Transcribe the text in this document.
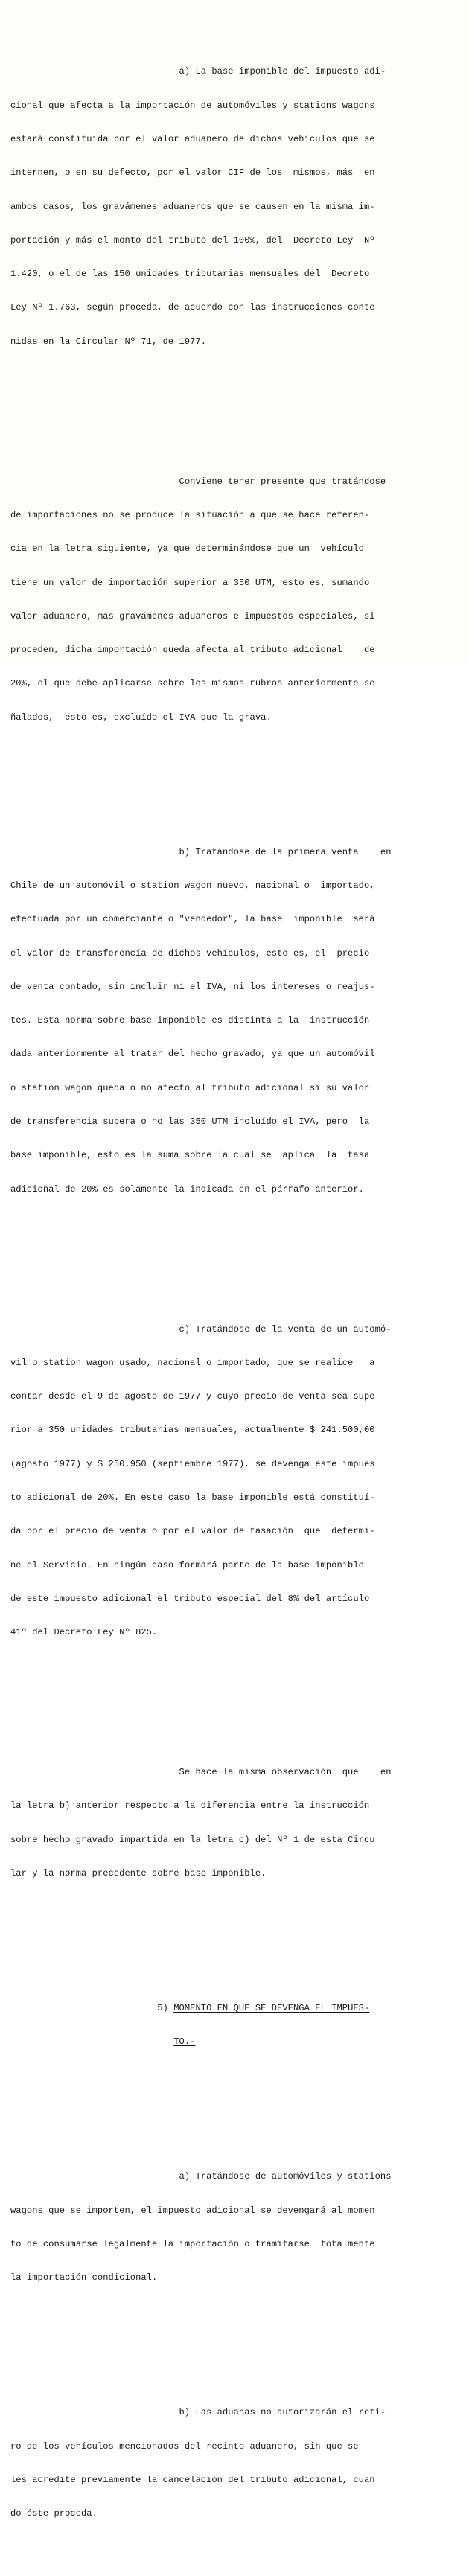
a) La base imponible del impuesto adi-

cional que afecta a la importación de automóviles y stations wagons

estará constituida por el valor aduanero de dichos vehículos que se

internen, o en su defecto, por el valor CIF de los  mismos, más  en

ambos casos, los gravámenes aduaneros que se causen en la misma im-

portación y más el monto del tributo del 100%, del  Decreto Ley  Nº

1.420, o el de las 150 unidades tributarias mensuales del  Decreto

Ley Nº 1.763, según proceda, de acuerdo con las instrucciones conte

nidas en la Circular Nº 71, de 1977.

Conviene tener presente que tratándose

de importaciones no se produce la situación a que se hace referen-

cia en la letra siguiente, ya que determinándose que un  vehículo

tiene un valor de importación superior a 350 UTM, esto es, sumando

valor aduanero, más gravámenes aduaneros e impuestos especiales, si

proceden, dicha importación queda afecta al tributo adicional    de

20%, el que debe aplicarse sobre los mismos rubros anteriormente se

ñalados,  esto es, excluído el IVA que la grava.

b) Tratándose de la primera venta    en

Chile de un automóvil o station wagon nuevo, nacional o  importado,

efectuada por un comerciante o "vendedor", la base  imponible  será

el valor de transferencia de dichos vehículos, esto es, el  precio

de venta contado, sin incluir ni el IVA, ni los intereses o reajus-

tes. Esta norma sobre base imponible es distinta a la  instrucción

dada anteriormente al tratar del hecho gravado, ya que un automóvil

o station wagon queda o no afecto al tributo adicional si su valor

de transferencia supera o no las 350 UTM incluído el IVA, pero  la

base imponible, esto es la suma sobre la cual se  aplica  la  tasa

adicional de 20% es solamente la indicada en el párrafo anterior.

c) Tratándose de la venta de un automó-

vil o station wagon usado, nacional o importado, que se realice   a

contar desde el 9 de agosto de 1977 y cuyo precio de venta sea supe

rior a 350 unidades tributarias mensuales, actualmente $ 241.500,00

(agosto 1977) y $ 250.950 (septiembre 1977), se devenga este impues

to adicional de 20%. En este caso la base imponible está constituí-

da por el precio de venta o por el valor de tasación  que  determi-

ne el Servicio. En ningún caso formará parte de la base imponible

de este impuesto adicional el tributo especial del 8% del artículo

41º del Decreto Ley Nº 825.

Se hace la misma observación  que    en

la letra b) anterior respecto a la diferencia entre la instrucción

sobre hecho gravado impartida en la letra c) del Nº 1 de esta Circu

lar y la norma precedente sobre base imponible.

5) MOMENTO EN QUE SE DEVENGA EL IMPUES-

TO.-

a) Tratándose de automóviles y stations

wagons que se importen, el impuesto adicional se devengará al momen

to de consumarse legalmente la importación o tramitarse  totalmente

la importación condicional.

b) Las aduanas no autorizarán el reti-

ro de los vehículos mencionados del recinto aduanero, sin que se

les acredite previamente la cancelación del tributo adicional, cuan

do éste proceda.
